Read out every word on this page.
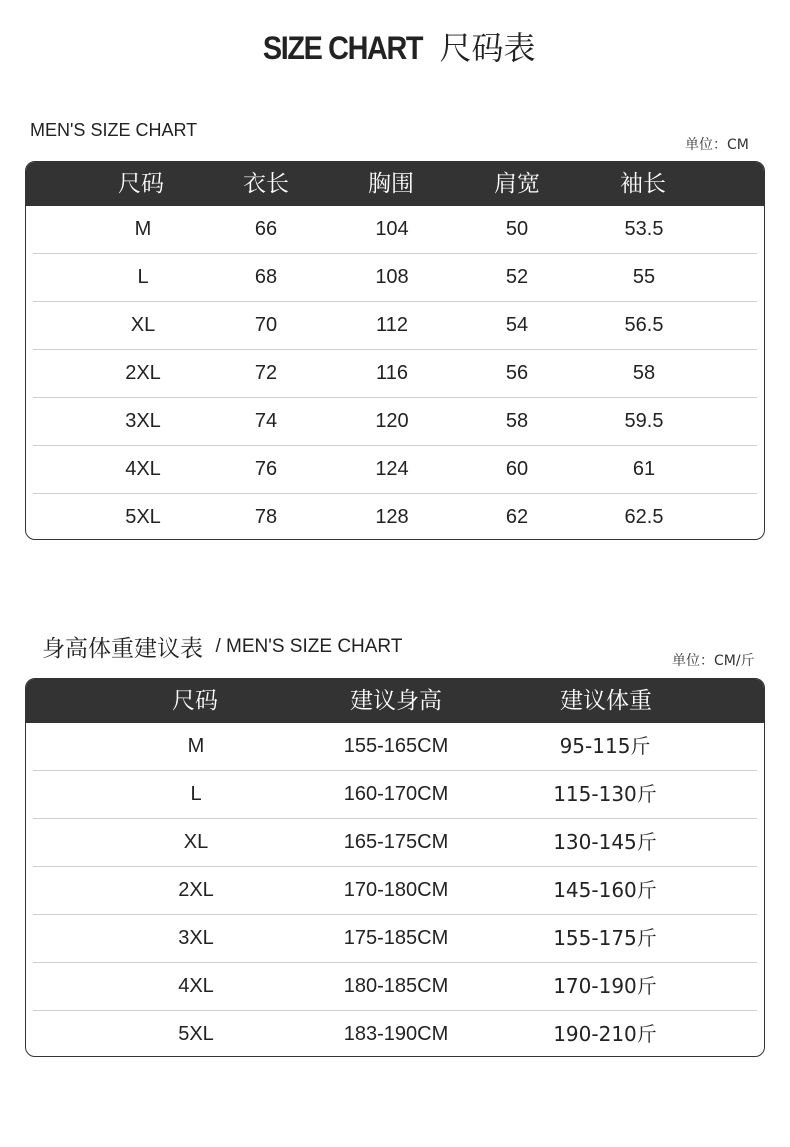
SIZE CHART 尺码表
MEN'S SIZE CHART
单位：CM
尺码	衣长	胸围	肩宽	袖长
M	66	104	50	53.5
L	68	108	52	55
XL	70	112	54	56.5
2XL	72	116	56	58
3XL	74	120	58	59.5
4XL	76	124	60	61
5XL	78	128	62	62.5
身高体重建议表 / MEN'S SIZE CHART
单位：CM/斤
尺码	建议身高	建议体重
M	155-165CM	95-115斤
L	160-170CM	115-130斤
XL	165-175CM	130-145斤
2XL	170-180CM	145-160斤
3XL	175-185CM	155-175斤
4XL	180-185CM	170-190斤
5XL	183-190CM	190-210斤
